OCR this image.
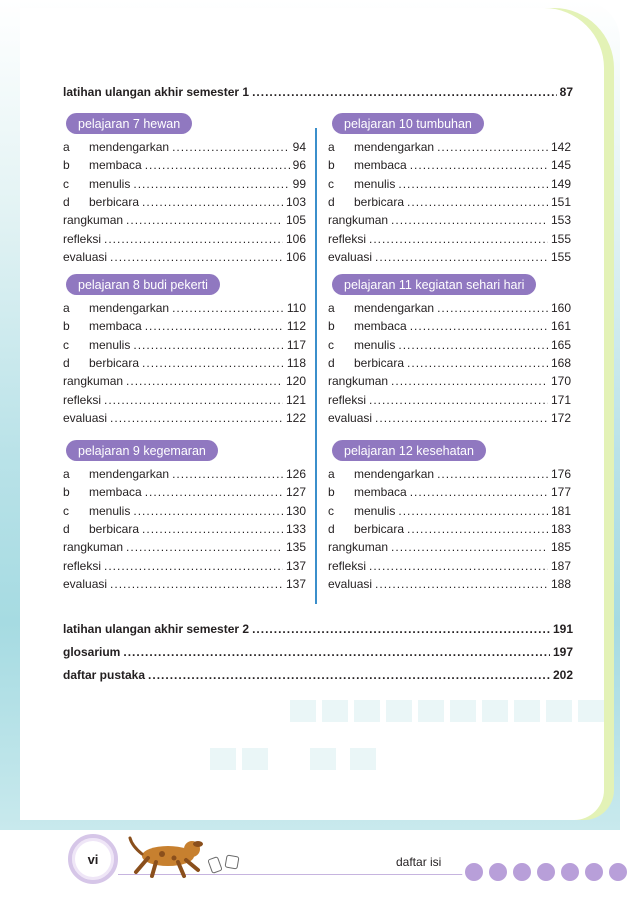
latihan ulangan akhir semester 1 .....	87
pelajaran 7 hewan
a mendengarkan .....	94
b membaca .....	96
c menulis .....	99
d berbicara .....	103
rangkuman .....	105
refleksi .....	106
evaluasi .....	106
pelajaran 10 tumbuhan
a mendengarkan .....	142
b membaca .....	145
c menulis .....	149
d berbicara .....	151
rangkuman .....	153
refleksi .....	155
evaluasi .....	155
pelajaran 8 budi pekerti
a mendengarkan .....	110
b membaca .....	112
c menulis .....	117
d berbicara .....	118
rangkuman .....	120
refleksi .....	121
evaluasi .....	122
pelajaran 11 kegiatan sehari hari
a mendengarkan .....	160
b membaca .....	161
c menulis .....	165
d berbicara .....	168
rangkuman .....	170
refleksi .....	171
evaluasi .....	172
pelajaran 9 kegemaran
a mendengarkan .....	126
b membaca .....	127
c menulis .....	130
d berbicara .....	133
rangkuman .....	135
refleksi .....	137
evaluasi .....	137
pelajaran 12 kesehatan
a mendengarkan .....	176
b membaca .....	177
c menulis .....	181
d berbicara .....	183
rangkuman .....	185
refleksi .....	187
evaluasi .....	188
latihan ulangan akhir semester 2 .....	191
glosarium .....	197
daftar pustaka .....	202
vi	daftar isi
